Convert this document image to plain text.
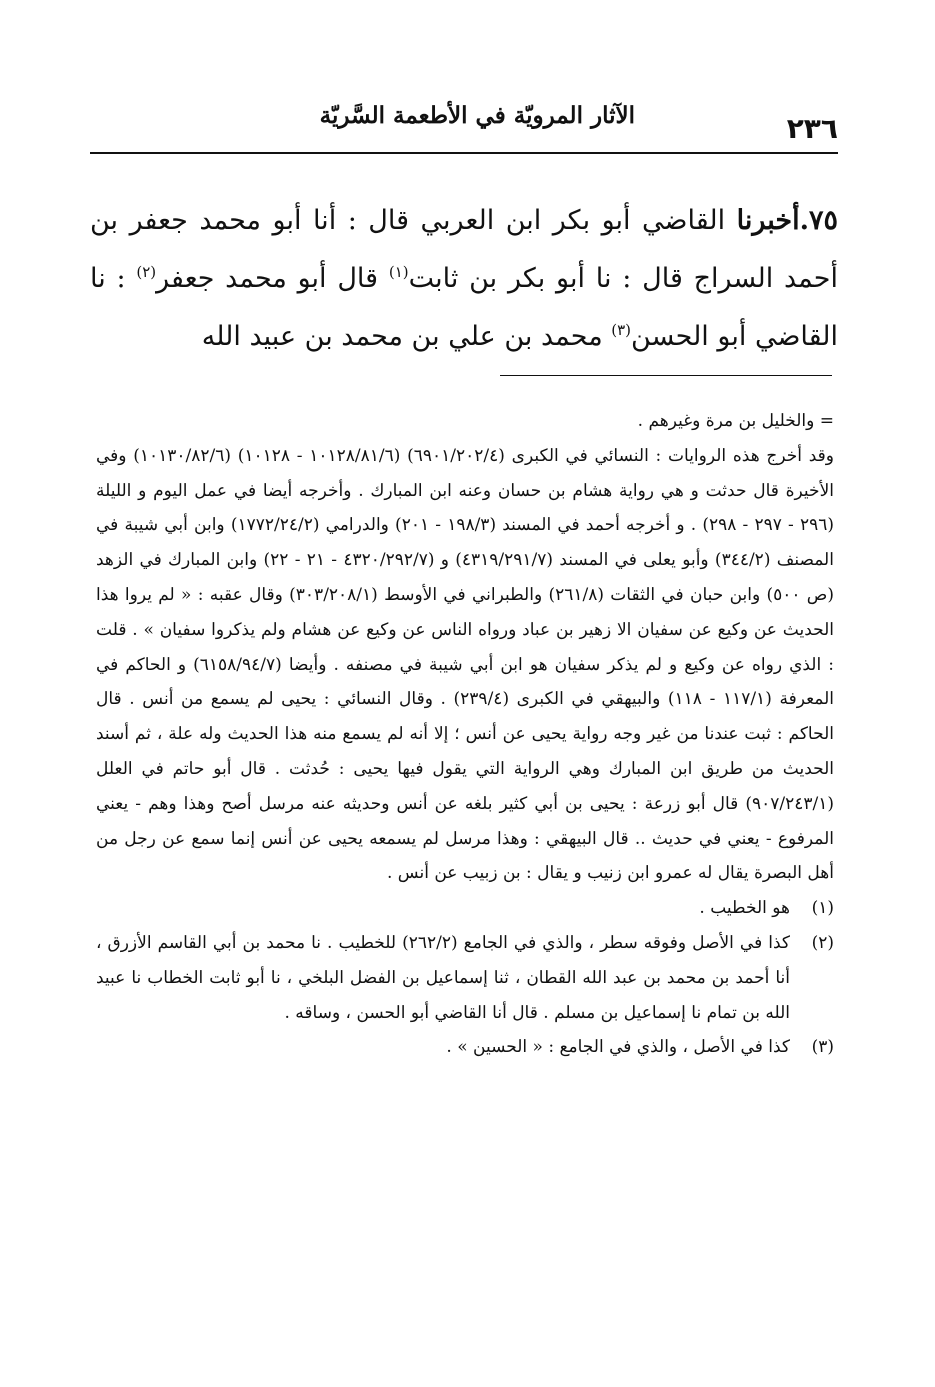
٢٣٦
الآثار المرويّة في الأطعمة السَّريّة

٧٥.أخبرنا القاضي أبو بكر ابن العربي قال : أنا أبو محمد جعفر بن أحمد السراج قال : نا أبو بكر بن ثابت$^{(١)}$ قال أبو محمد جعفر$^{(٢)}$ : نا القاضي أبو الحسن$^{(٣)}$ محمد بن علي بن محمد بن عبيد الله

= والخليل بن مرة وغيرهم .

وقد أخرج هذه الروايات : النسائي في الكبرى (٦٩٠١/٢٠٢/٤) (١٠١٢٨/٨١/٦ - ١٠١٢٨) (١٠١٣٠/٨٢/٦) وفي الأخيرة قال حدثت و هي رواية هشام بن حسان وعنه ابن المبارك . وأخرجه أيضا في عمل اليوم و الليلة (٢٩٦ - ٢٩٧ - ٢٩٨) . و أخرجه أحمد في المسند (١٩٨/٣ - ٢٠١) والدرامي (١٧٧٢/٢٤/٢) وابن أبي شيبة في المصنف (٣٤٤/٢) وأبو يعلى في المسند (٤٣١٩/٢٩١/٧) و (٤٣٢٠/٢٩٢/٧ - ٢١ - ٢٢) وابن المبارك في الزهد (ص ٥٠٠) وابن حبان في الثقات (٢٦١/٨) والطبراني في الأوسط (٣٠٣/٢٠٨/١) وقال عقبه : « لم يروا هذا الحديث عن وكيع عن سفيان الا زهير بن عباد ورواه الناس عن وكيع عن هشام ولم يذكروا سفيان » . قلت : الذي رواه عن وكيع و لم يذكر سفيان هو ابن أبي شيبة في مصنفه . وأيضا (٦١٥٨/٩٤/٧) و الحاكم في المعرفة (١١٧/١ - ١١٨) والبيهقي في الكبرى (٢٣٩/٤) . وقال النسائي : يحيى لم يسمع من أنس . قال الحاكم : ثبت عندنا من غير وجه رواية يحيى عن أنس ؛ إلا أنه لم يسمع منه هذا الحديث وله علة ، ثم أسند الحديث من طريق ابن المبارك وهي الرواية التي يقول فيها يحيى : حُدثت . قال أبو حاتم في العلل (٩٠٧/٢٤٣/١) قال أبو زرعة : يحيى بن أبي كثير بلغه عن أنس وحديثه عنه مرسل أصح وهذا وهم - يعني المرفوع - يعني في حديث .. قال البيهقي : وهذا مرسل لم يسمعه يحيى عن أنس إنما سمع عن رجل من أهل البصرة يقال له عمرو ابن زنيب و يقال : بن زبيب عن أنس .

(١)
هو الخطيب .

(٢)
كذا في الأصل وفوقه سطر ، والذي في الجامع (٢٦٢/٢) للخطيب . نا محمد بن أبي القاسم الأزرق ، أنا أحمد بن محمد بن عبد الله القطان ، ثنا إسماعيل بن الفضل البلخي ، نا أبو ثابت الخطاب نا عبيد الله بن تمام نا إسماعيل بن مسلم . قال أنا القاضي أبو الحسن ، وساقه .

(٣)
كذا في الأصل ، والذي في الجامع : « الحسين » .
